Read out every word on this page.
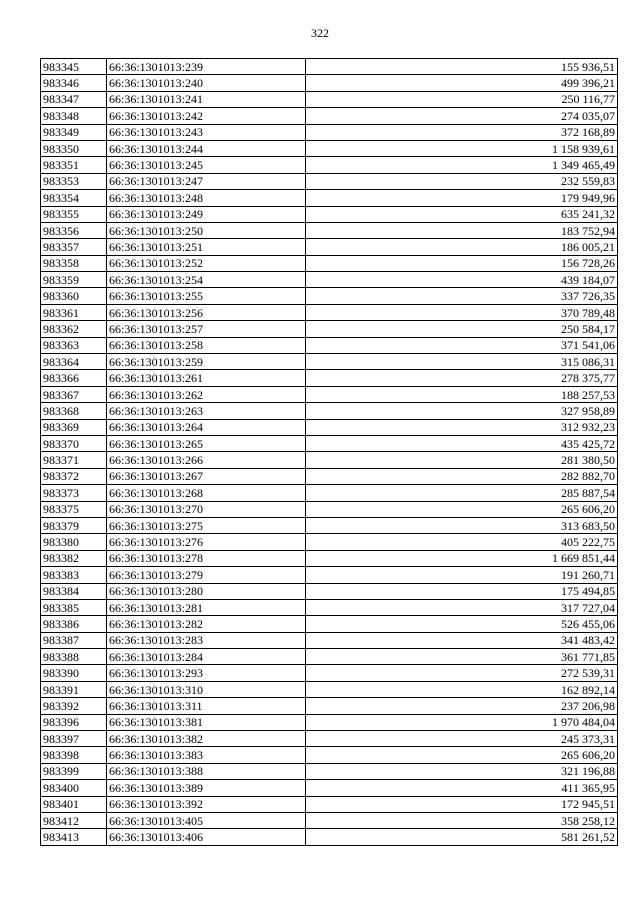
322
983345	66:36:1301013:239	155 936,51
983346	66:36:1301013:240	499 396,21
983347	66:36:1301013:241	250 116,77
983348	66:36:1301013:242	274 035,07
983349	66:36:1301013:243	372 168,89
983350	66:36:1301013:244	1 158 939,61
983351	66:36:1301013:245	1 349 465,49
983353	66:36:1301013:247	232 559,83
983354	66:36:1301013:248	179 949,96
983355	66:36:1301013:249	635 241,32
983356	66:36:1301013:250	183 752,94
983357	66:36:1301013:251	186 005,21
983358	66:36:1301013:252	156 728,26
983359	66:36:1301013:254	439 184,07
983360	66:36:1301013:255	337 726,35
983361	66:36:1301013:256	370 789,48
983362	66:36:1301013:257	250 584,17
983363	66:36:1301013:258	371 541,06
983364	66:36:1301013:259	315 086,31
983366	66:36:1301013:261	278 375,77
983367	66:36:1301013:262	188 257,53
983368	66:36:1301013:263	327 958,89
983369	66:36:1301013:264	312 932,23
983370	66:36:1301013:265	435 425,72
983371	66:36:1301013:266	281 380,50
983372	66:36:1301013:267	282 882,70
983373	66:36:1301013:268	285 887,54
983375	66:36:1301013:270	265 606,20
983379	66:36:1301013:275	313 683,50
983380	66:36:1301013:276	405 222,75
983382	66:36:1301013:278	1 669 851,44
983383	66:36:1301013:279	191 260,71
983384	66:36:1301013:280	175 494,85
983385	66:36:1301013:281	317 727,04
983386	66:36:1301013:282	526 455,06
983387	66:36:1301013:283	341 483,42
983388	66:36:1301013:284	361 771,85
983390	66:36:1301013:293	272 539,31
983391	66:36:1301013:310	162 892,14
983392	66:36:1301013:311	237 206,98
983396	66:36:1301013:381	1 970 484,04
983397	66:36:1301013:382	245 373,31
983398	66:36:1301013:383	265 606,20
983399	66:36:1301013:388	321 196,88
983400	66:36:1301013:389	411 365,95
983401	66:36:1301013:392	172 945,51
983412	66:36:1301013:405	358 258,12
983413	66:36:1301013:406	581 261,52
